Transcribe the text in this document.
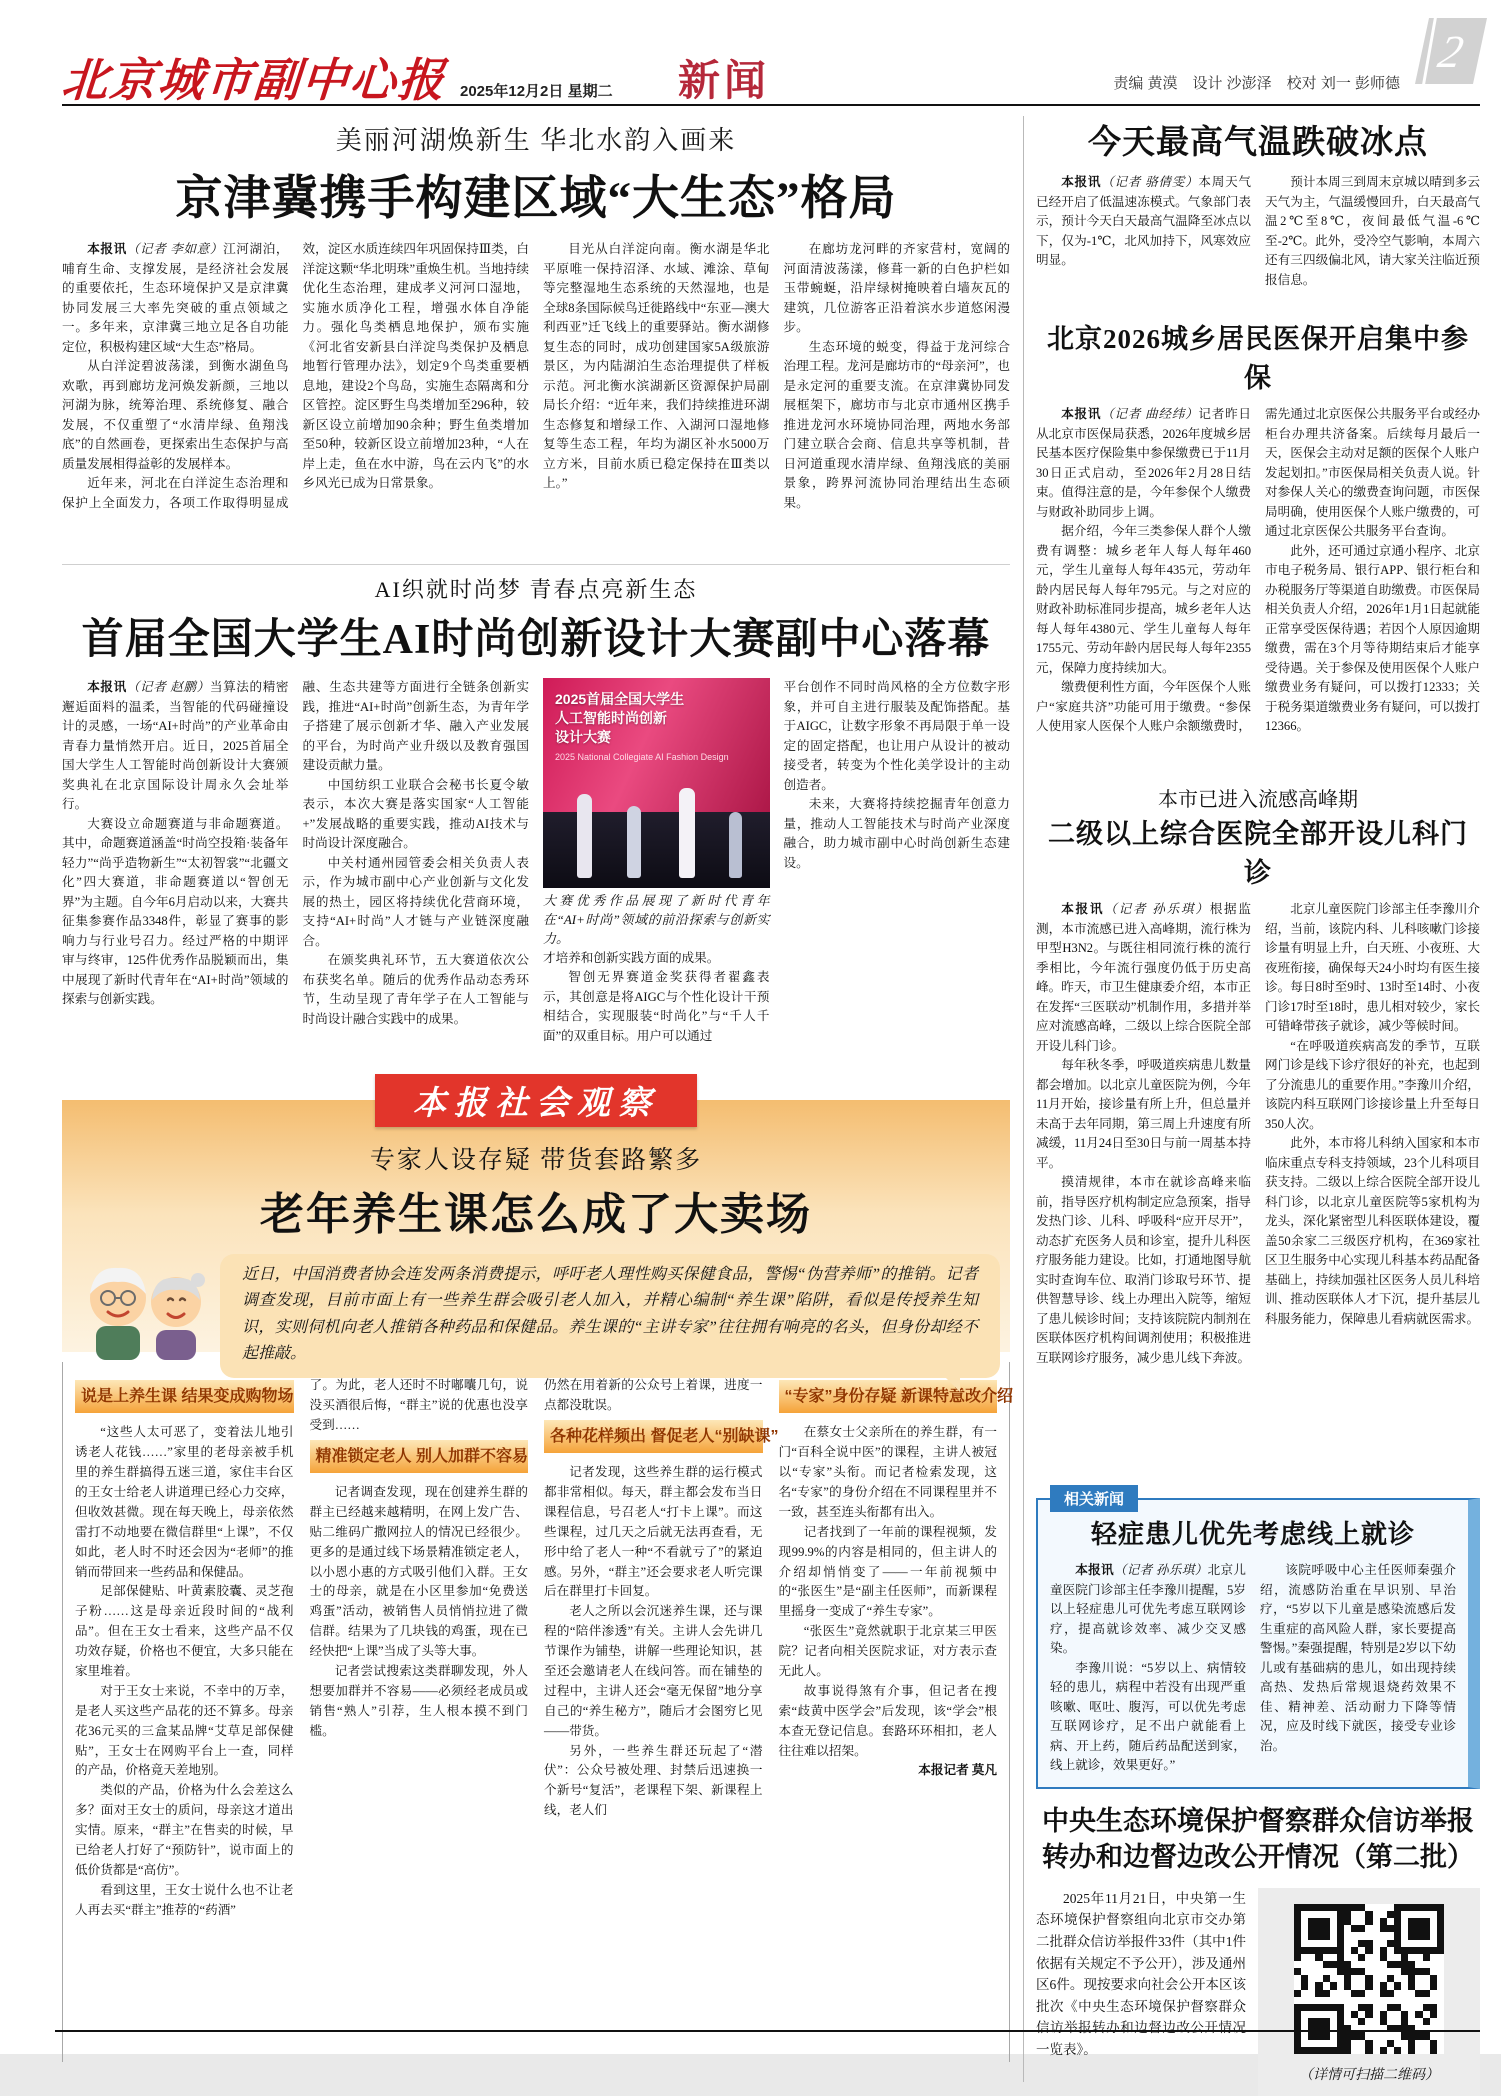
北京城市副中心报 2025年12月2日 星期二 新闻	责编 黄漠　设计 沙澎泽　校对 刘一 彭师德
2
美丽河湖焕新生 华北水韵入画来
京津冀携手构建区域“大生态”格局

本报讯（记者 李如意）江河湖泊，哺育生命、支撑发展，是经济社会发展的重要依托，生态环境保护又是京津冀协同发展三大率先突破的重点领域之一。多年来，京津冀三地立足各自功能定位，积极构建区域“大生态”格局。

从白洋淀碧波荡漾，到衡水湖鱼鸟欢歌，再到廊坊龙河焕发新颜，三地以河湖为脉，统筹治理、系统修复、融合发展，不仅重塑了“水清岸绿、鱼翔浅底”的自然画卷，更探索出生态保护与高质量发展相得益彰的发展样本。

近年来，河北在白洋淀生态治理和保护上全面发力，各项工作取得明显成效，淀区水质连续四年巩固保持Ⅲ类，白洋淀这颗“华北明珠”重焕生机。当地持续优化生态治理，建成孝义河河口湿地，实施水质净化工程，增强水体自净能力。强化鸟类栖息地保护，颁布实施《河北省安新县白洋淀鸟类保护及栖息地暂行管理办法》，划定9个鸟类重要栖息地，建设2个鸟岛，实施生态隔离和分区管控。淀区野生鸟类增加至296种，较新区设立前增加90余种；野生鱼类增加至50种，较新区设立前增加23种，“人在岸上走，鱼在水中游，鸟在云内飞”的水乡风光已成为日常景象。

目光从白洋淀向南。衡水湖是华北平原唯一保持沼泽、水域、滩涂、草甸等完整湿地生态系统的天然湿地，也是全球8条国际候鸟迁徙路线中“东亚—澳大利西亚”迁飞线上的重要驿站。衡水湖修复生态的同时，成功创建国家5A级旅游景区，为内陆湖泊生态治理提供了样板示范。河北衡水滨湖新区资源保护局副局长介绍：“近年来，我们持续推进环湖生态修复和增绿工作、入湖河口湿地修复等生态工程，年均为湖区补水5000万立方米，目前水质已稳定保持在Ⅲ类以上。”

在廊坊龙河畔的齐家营村，宽阔的河面清波荡漾，修葺一新的白色护栏如玉带蜿蜒，沿岸绿树掩映着白墙灰瓦的建筑，几位游客正沿着滨水步道悠闲漫步。

生态环境的蜕变，得益于龙河综合治理工程。龙河是廊坊市的“母亲河”，也是永定河的重要支流。在京津冀协同发展框架下，廊坊市与北京市通州区携手推进龙河水环境协同治理，两地水务部门建立联合会商、信息共享等机制，昔日河道重现水清岸绿、鱼翔浅底的美丽景象，跨界河流协同治理结出生态硕果。

AI织就时尚梦 青春点亮新生态
首届全国大学生AI时尚创新设计大赛副中心落幕

本报讯（记者 赵鹏）当算法的精密邂逅面料的温柔，当智能的代码碰撞设计的灵感，一场“AI+时尚”的产业革命由青春力量悄然开启。近日，2025首届全国大学生人工智能时尚创新设计大赛颁奖典礼在北京国际设计周永久会址举行。

大赛设立命题赛道与非命题赛道。其中，命题赛道涵盖“时尚空投箱·装备年轻力”“尚乎造物新生”“太初智裳”“北疆文化”四大赛道，非命题赛道以“智创无界”为主题。自今年6月启动以来，大赛共征集参赛作品3348件，彰显了赛事的影响力与行业号召力。经过严格的中期评审与终审，125件优秀作品脱颖而出，集中展现了新时代青年在“AI+时尚”领域的探索与创新实践。

融、生态共建等方面进行全链条创新实践，推进“AI+时尚”创新生态，为青年学子搭建了展示创新才华、融入产业发展的平台，为时尚产业升级以及教育强国建设贡献力量。

中国纺织工业联合会秘书长夏令敏表示，本次大赛是落实国家“人工智能+”发展战略的重要实践，推动AI技术与时尚设计深度融合。

中关村通州园管委会相关负责人表示，作为城市副中心产业创新与文化发展的热土，园区将持续优化营商环境，支持“AI+时尚”人才链与产业链深度融合。

在颁奖典礼环节，五大赛道依次公布获奖名单。随后的优秀作品动态秀环节，生动呈现了青年学子在人工智能与时尚设计融合实践中的成果。

2025首届全国大学生
人工智能时尚创新
设计大赛
2025 National Collegiate AI Fashion Design
大赛优秀作品展现了新时代青年在“AI+时尚”领域的前沿探索与创新实力。

才培养和创新实践方面的成果。

智创无界赛道金奖获得者翟鑫表示，其创意是将AIGC与个性化设计干预相结合，实现服装“时尚化”与“千人千面”的双重目标。用户可以通过

平台创作不同时尚风格的全方位数字形象，并可自主进行服装及配饰搭配。基于AIGC，让数字形象不再局限于单一设定的固定搭配，也让用户从设计的被动接受者，转变为个性化美学设计的主动创造者。

未来，大赛将持续挖掘青年创意力量，推动人工智能技术与时尚产业深度融合，助力城市副中心时尚创新生态建设。

本报社会观察
专家人设存疑 带货套路繁多
老年养生课怎么成了大卖场
近日，中国消费者协会连发两条消费提示，呼吁老人理性购买保健食品，警惕“伪营养师”的推销。记者调查发现，目前市面上有一些养生群会吸引老人加入，并精心编制“养生课”陷阱，看似是传授养生知识，实则伺机向老人推销各种药品和保健品。养生课的“主讲专家”往往拥有响亮的名头，但身份却经不起推敲。
说是上养生课 结果变成购物场

“这些人太可恶了，变着法儿地引诱老人花钱……”家里的老母亲被手机里的养生群搞得五迷三道，家住丰台区的王女士给老人讲道理已经心力交瘁，但收效甚微。现在每天晚上，母亲依然雷打不动地要在微信群里“上课”，不仅如此，老人时不时还会因为“老师”的推销而带回来一些药品和保健品。

足部保健贴、叶黄素胶囊、灵芝孢子粉……这是母亲近段时间的“战利品”。但在王女士看来，这些产品不仅功效存疑，价格也不便宜，大多只能在家里堆着。

对于王女士来说，不幸中的万幸，是老人买这些产品花的还不算多。母亲花36元买的三盒某品牌“艾草足部保健贴”，王女士在网购平台上一查，同样的产品，价格竟天差地别。

类似的产品，价格为什么会差这么多？面对王女士的质问，母亲这才道出实情。原来，“群主”在售卖的时候，早已给老人打好了“预防针”，说市面上的低价货都是“高仿”。

看到这里，王女士说什么也不让老人再去买“群主”推荐的“药酒”

了。为此，老人还时不时嘟囔几句，说没买酒很后悔，“群主”说的优惠也没享受到……

精准锁定老人 别人加群不容易

记者调查发现，现在创建养生群的群主已经越来越精明，在网上发广告、贴二维码广撒网拉人的情况已经很少。更多的是通过线下场景精准锁定老人，以小恩小惠的方式吸引他们入群。王女士的母亲，就是在小区里参加“免费送鸡蛋”活动，被销售人员悄悄拉进了微信群。结果为了几块钱的鸡蛋，现在已经快把“上课”当成了头等大事。

记者尝试搜索这类群聊发现，外人想要加群并不容易——必须经老成员或销售“熟人”引荐，生人根本摸不到门槛。

仍然在用着新的公众号上着课，进度一点都没耽误。

各种花样频出 督促老人“别缺课”

记者发现，这些养生群的运行模式都非常相似。每天，群主都会发布当日课程信息，号召老人“打卡上课”。而这些课程，过几天之后就无法再查看，无形中给了老人一种“不看就亏了”的紧迫感。另外，“群主”还会要求老人听完课后在群里打卡回复。

老人之所以会沉迷养生课，还与课程的“陪伴渗透”有关。主讲人会先讲几节课作为铺垫，讲解一些理论知识，甚至还会邀请老人在线问答。而在铺垫的过程中，主讲人还会“毫无保留”地分享自己的“养生秘方”，随后才会图穷匕见——带货。

另外，一些养生群还玩起了“潜伏”：公众号被处理、封禁后迅速换一个新号“复活”，老课程下架、新课程上线，老人们

“专家”身份存疑 新课特意改介绍

在蔡女士父亲所在的养生群，有一门“百科全说中医”的课程，主讲人被冠以“专家”头衔。而记者检索发现，这名“专家”的身份介绍在不同课程里并不一致，甚至连头衔都有出入。

记者找到了一年前的课程视频，发现99.9%的内容是相同的，但主讲人的介绍却悄悄变了——一年前视频中的“张医生”是“副主任医师”，而新课程里摇身一变成了“养生专家”。

“张医生”竟然就职于北京某三甲医院？记者向相关医院求证，对方表示查无此人。

故事说得煞有介事，但记者在搜索“歧黄中医学会”后发现，该“学会”根本查无登记信息。套路环环相扣，老人往往难以招架。

本报记者 莫凡

今天最高气温跌破冰点

本报讯（记者 骆倩雯）本周天气已经开启了低温速冻模式。气象部门表示，预计今天白天最高气温降至冰点以下，仅为-1℃，北风加持下，风寒效应明显。

预计本周三到周末京城以晴到多云天气为主，气温缓慢回升，白天最高气温2℃至8℃，夜间最低气温-6℃至-2℃。此外，受冷空气影响，本周六还有三四级偏北风，请大家关注临近预报信息。

北京2026城乡居民医保开启集中参保

本报讯（记者 曲经纬）记者昨日从北京市医保局获悉，2026年度城乡居民基本医疗保险集中参保缴费已于11月30日正式启动，至2026年2月28日结束。值得注意的是，今年参保个人缴费与财政补助同步上调。

据介绍，今年三类参保人群个人缴费有调整：城乡老年人每人每年460元，学生儿童每人每年435元，劳动年龄内居民每人每年795元。与之对应的财政补助标准同步提高，城乡老年人达每人每年4380元、学生儿童每人每年1755元、劳动年龄内居民每人每年2355元，保障力度持续加大。

缴费便利性方面，今年医保个人账户“家庭共济”功能可用于缴费。“参保人使用家人医保个人账户余额缴费时，需先通过北京医保公共服务平台或经办柜台办理共济备案。后续每月最后一天，医保会主动对足额的医保个人账户发起划扣。”市医保局相关负责人说。针对参保人关心的缴费查询问题，市医保局明确，使用医保个人账户缴费的，可通过北京医保公共服务平台查询。

此外，还可通过京通小程序、北京市电子税务局、银行APP、银行柜台和办税服务厅等渠道自助缴费。市医保局相关负责人介绍，2026年1月1日起就能正常享受医保待遇；若因个人原因逾期缴费，需在3个月等待期结束后才能享受待遇。关于参保及使用医保个人账户缴费业务有疑问，可以拨打12333；关于税务渠道缴费业务有疑问，可以拨打12366。

本市已进入流感高峰期
二级以上综合医院全部开设儿科门诊

本报讯（记者 孙乐琪）根据监测，本市流感已进入高峰期，流行株为甲型H3N2。与既往相同流行株的流行季相比，今年流行强度仍低于历史高峰。昨天，市卫生健康委介绍，本市正在发挥“三医联动”机制作用，多措并举应对流感高峰，二级以上综合医院全部开设儿科门诊。

每年秋冬季，呼吸道疾病患儿数量都会增加。以北京儿童医院为例，今年11月开始，接诊量有所上升，但总量并未高于去年同期，第三周上升速度有所减缓，11月24日至30日与前一周基本持平。

摸清规律，本市在就诊高峰来临前，指导医疗机构制定应急预案，指导发热门诊、儿科、呼吸科“应开尽开”，动态扩充医务人员和诊室，提升儿科医疗服务能力建设。比如，打通地图导航实时查询车位、取消门诊取号环节、提供智慧导诊、线上办理出入院等，缩短了患儿候诊时间；支持该院院内制剂在医联体医疗机构间调剂使用；积极推进互联网诊疗服务，减少患儿线下奔波。

北京儿童医院门诊部主任李豫川介绍，当前，该院内科、儿科咳嗽门诊接诊量有明显上升，白天班、小夜班、大夜班衔接，确保每天24小时均有医生接诊。每日8时至9时、13时至14时、小夜门诊17时至18时，患儿相对较少，家长可错峰带孩子就诊，减少等候时间。

“在呼吸道疾病高发的季节，互联网门诊是线下诊疗很好的补充，也起到了分流患儿的重要作用。”李豫川介绍，该院内科互联网门诊接诊量上升至每日350人次。

此外，本市将儿科纳入国家和本市临床重点专科支持领域，23个儿科项目获支持。二级以上综合医院全部开设儿科门诊，以北京儿童医院等5家机构为龙头，深化紧密型儿科医联体建设，覆盖50余家二三级医疗机构，在369家社区卫生服务中心实现儿科基本药品配备基础上，持续加强社区医务人员儿科培训、推动医联体人才下沉，提升基层儿科服务能力，保障患儿看病就医需求。

相关新闻
轻症患儿优先考虑线上就诊

本报讯（记者 孙乐琪）北京儿童医院门诊部主任李豫川提醒，5岁以上轻症患儿可优先考虑互联网诊疗，提高就诊效率、减少交叉感染。

李豫川说：“5岁以上、病情较轻的患儿，病程中若没有出现严重咳嗽、呕吐、腹泻，可以优先考虑互联网诊疗，足不出户就能看上病、开上药，随后药品配送到家，线上就诊，效果更好。”

该院呼吸中心主任医师秦强介绍，流感防治重在早识别、早治疗，“5岁以下儿童是感染流感后发生重症的高风险人群，家长要提高警惕。”秦强提醒，特别是2岁以下幼儿或有基础病的患儿，如出现持续高热、发热后常规退烧药效果不佳、精神差、活动耐力下降等情况，应及时线下就医，接受专业诊治。

中央生态环境保护督察群众信访举报
转办和边督边改公开情况（第二批）

2025年11月21日，中央第一生态环境保护督察组向北京市交办第二批群众信访举报件33件（其中1件依据有关规定不予公开），涉及通州区6件。现按要求向社会公开本区该批次《中央生态环境保护督察群众信访举报转办和边督边改公开情况一览表》。

（详情可扫描二维码）
